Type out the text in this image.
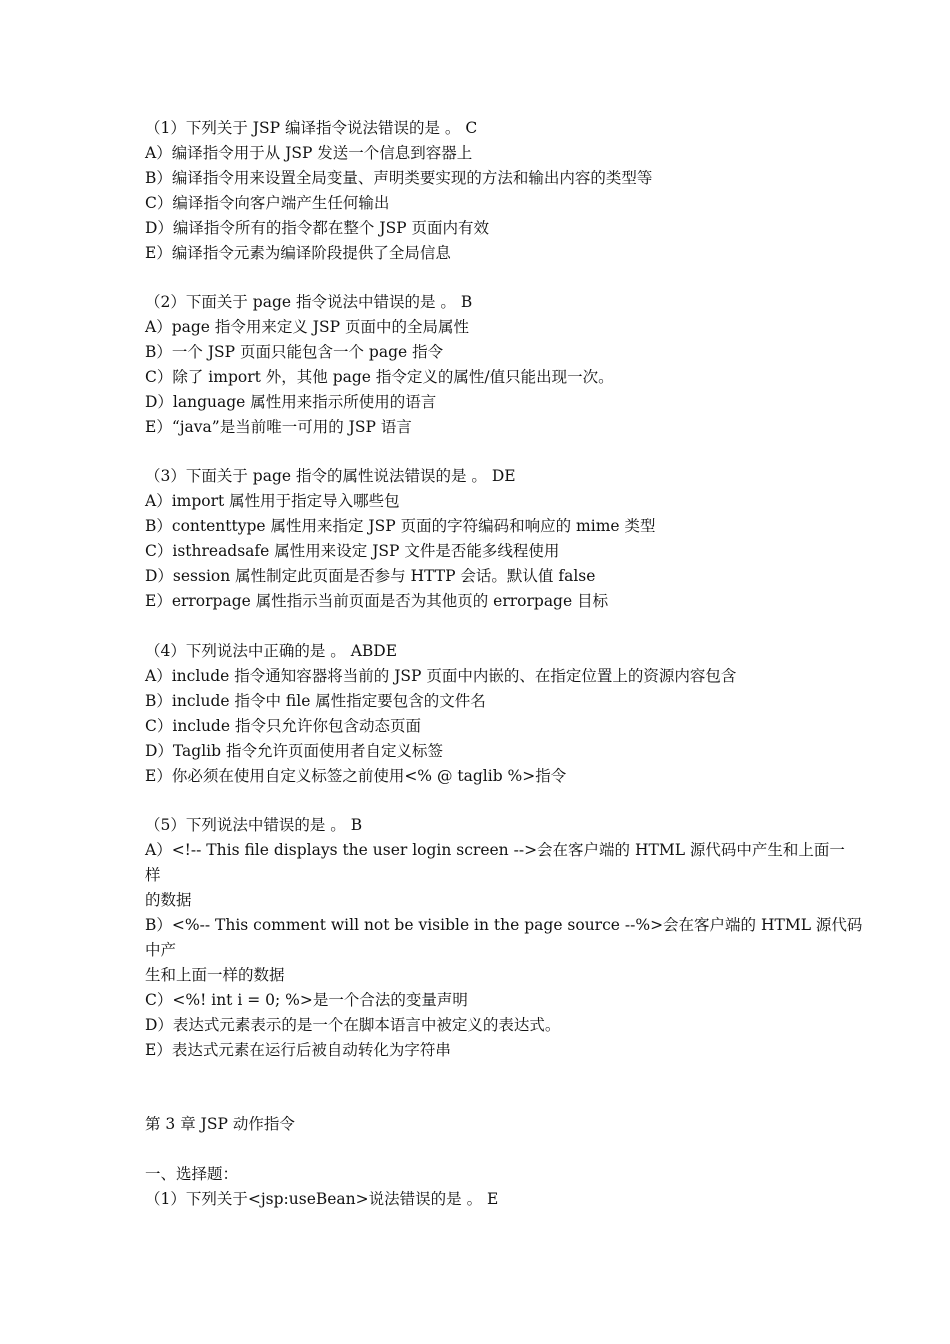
（1）下列关于 JSP 编译指令说法错误的是 。 C

A）编译指令用于从 JSP 发送一个信息到容器上

B）编译指令用来设置全局变量、声明类要实现的方法和输出内容的类型等

C）编译指令向客户端产生任何输出

D）编译指令所有的指令都在整个 JSP 页面内有效

E）编译指令元素为编译阶段提供了全局信息

（2）下面关于 page 指令说法中错误的是 。 B

A）page 指令用来定义 JSP 页面中的全局属性

B）一个 JSP 页面只能包含一个 page 指令

C）除了 import 外，其他 page 指令定义的属性/值只能出现一次。

D）language 属性用来指示所使用的语言

E）“java”是当前唯一可用的 JSP 语言

（3）下面关于 page 指令的属性说法错误的是 。 DE

A）import 属性用于指定导入哪些包

B）contenttype 属性用来指定 JSP 页面的字符编码和响应的 mime 类型

C）isthreadsafe 属性用来设定 JSP 文件是否能多线程使用

D）session 属性制定此页面是否参与 HTTP 会话。默认值 false

E）errorpage 属性指示当前页面是否为其他页的 errorpage 目标

（4）下列说法中正确的是 。 ABDE

A）include 指令通知容器将当前的 JSP 页面中内嵌的、在指定位置上的资源内容包含

B）include 指令中 file 属性指定要包含的文件名

C）include 指令只允许你包含动态页面

D）Taglib 指令允许页面使用者自定义标签

E）你必须在使用自定义标签之前使用<% @ taglib %>指令

（5）下列说法中错误的是 。 B

A）<!-- This file displays the user login screen -->会在客户端的 HTML 源代码中产生和上面一

样

的数据

B）<%-- This comment will not be visible in the page source --%>会在客户端的 HTML 源代码

中产

生和上面一样的数据

C）<%! int i = 0; %>是一个合法的变量声明

D）表达式元素表示的是一个在脚本语言中被定义的表达式。

E）表达式元素在运行后被自动转化为字符串

第 3 章 JSP 动作指令

一、选择题：

（1）下列关于<jsp:useBean>说法错误的是 。 E
